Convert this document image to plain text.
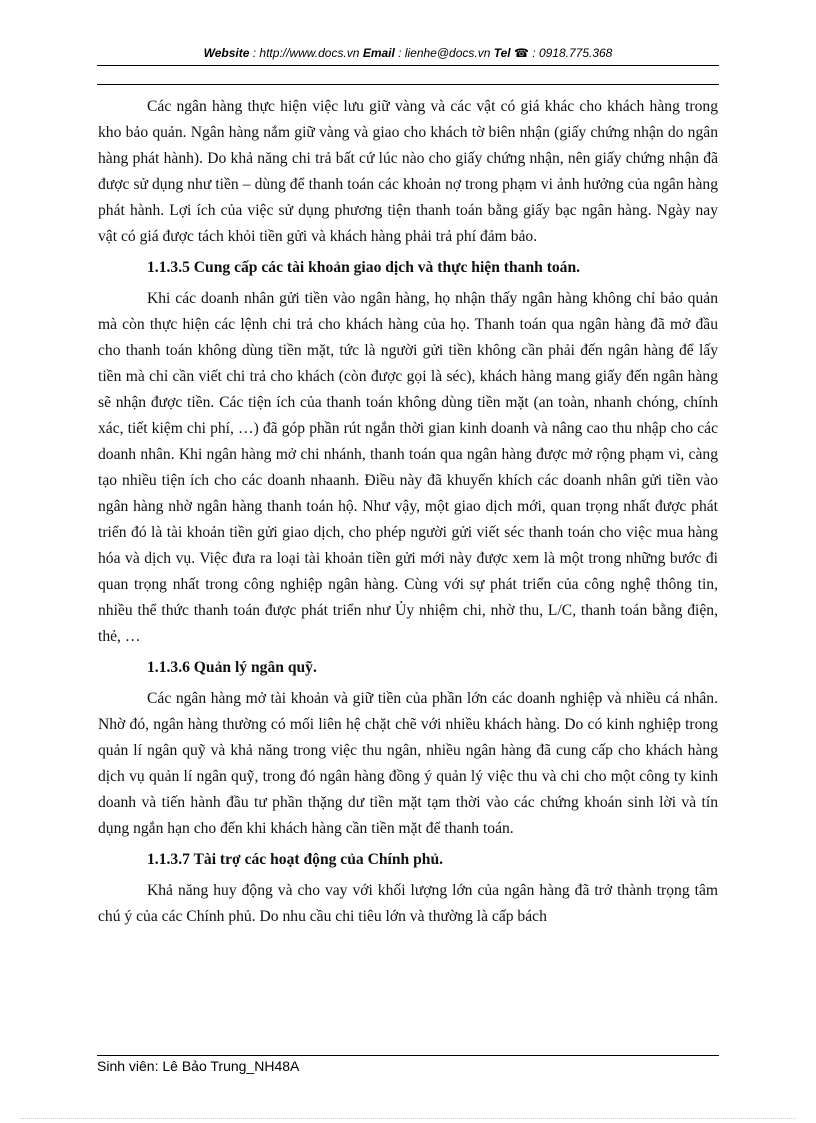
Website : http://www.docs.vn Email : lienhe@docs.vn Tel ☎ : 0918.775.368

Các ngân hàng thực hiện việc lưu giữ vàng và các vật có giá khác cho khách hàng trong kho bảo quản. Ngân hàng nắm giữ vàng và giao cho khách tờ biên nhận (giấy chứng nhận do ngân hàng phát hành). Do khả năng chi trả bất cứ lúc nào cho giấy chứng nhận, nên giấy chứng nhận đã được sử dụng như tiền – dùng để thanh toán các khoản nợ trong phạm vi ảnh hưởng của ngân hàng phát hành. Lợi ích của việc sử dụng phương tiện thanh toán bằng giấy bạc ngân hàng. Ngày nay vật có giá được tách khỏi tiền gửi và khách hàng phải trả phí đảm bảo.

1.1.3.5 Cung cấp các tài khoản giao dịch và thực hiện thanh toán.

Khi các doanh nhân gửi tiền vào ngân hàng, họ nhận thấy ngân hàng không chỉ bảo quản mà còn thực hiện các lệnh chi trả cho khách hàng của họ. Thanh toán qua ngân hàng đã mở đầu cho thanh toán không dùng tiền mặt, tức là người gửi tiền không cần phải đến ngân hàng để lấy tiền mà chỉ cần viết chi trả cho khách (còn được gọi là séc), khách hàng mang giấy đến ngân hàng sẽ nhận được tiền. Các tiện ích của thanh toán không dùng tiền mặt (an toàn, nhanh chóng, chính xác, tiết kiệm chi phí, …) đã góp phần rút ngắn thời gian kinh doanh và nâng cao thu nhập cho các doanh nhân. Khi ngân hàng mở chi nhánh, thanh toán qua ngân hàng được mở rộng phạm vi, càng tạo nhiều tiện ích cho các doanh nhaanh. Điều này đã khuyến khích các doanh nhân gửi tiền vào ngân hàng nhờ ngân hàng thanh toán hộ. Như vậy, một giao dịch mới, quan trọng nhất được phát triển đó là tài khoản tiền gửi giao dịch, cho phép người gửi viết séc thanh toán cho việc mua hàng hóa và dịch vụ. Việc đưa ra loại tài khoản tiền gửi mới này được xem là một trong những bước đi quan trọng nhất trong công nghiệp ngân hàng. Cùng với sự phát triển của công nghệ thông tin, nhiều thể thức thanh toán được phát triển như Ủy nhiệm chi, nhờ thu, L/C, thanh toán bằng điện, thẻ, …

1.1.3.6 Quản lý ngân quỹ.

Các ngân hàng mở tài khoản và giữ tiền của phần lớn các doanh nghiệp và nhiều cá nhân. Nhờ đó, ngân hàng thường có mối liên hệ chặt chẽ với nhiều khách hàng. Do có kinh nghiệp trong quản lí ngân quỹ và khả năng trong việc thu ngân, nhiều ngân hàng đã cung cấp cho khách hàng dịch vụ quản lí ngân quỹ, trong đó ngân hàng đồng ý quản lý việc thu và chi cho một công ty kinh doanh và tiến hành đầu tư phần thặng dư tiền mặt tạm thời vào các chứng khoán sinh lời và tín dụng ngắn hạn cho đến khi khách hàng cần tiền mặt để thanh toán.

1.1.3.7 Tài trợ các hoạt động của Chính phủ.

Khả năng huy động và cho vay với khối lượng lớn của ngân hàng đã trở thành trọng tâm chú ý của các Chính phủ. Do nhu cầu chi tiêu lớn và thường là cấp bách

Sinh viên: Lê Bảo Trung_NH48A
